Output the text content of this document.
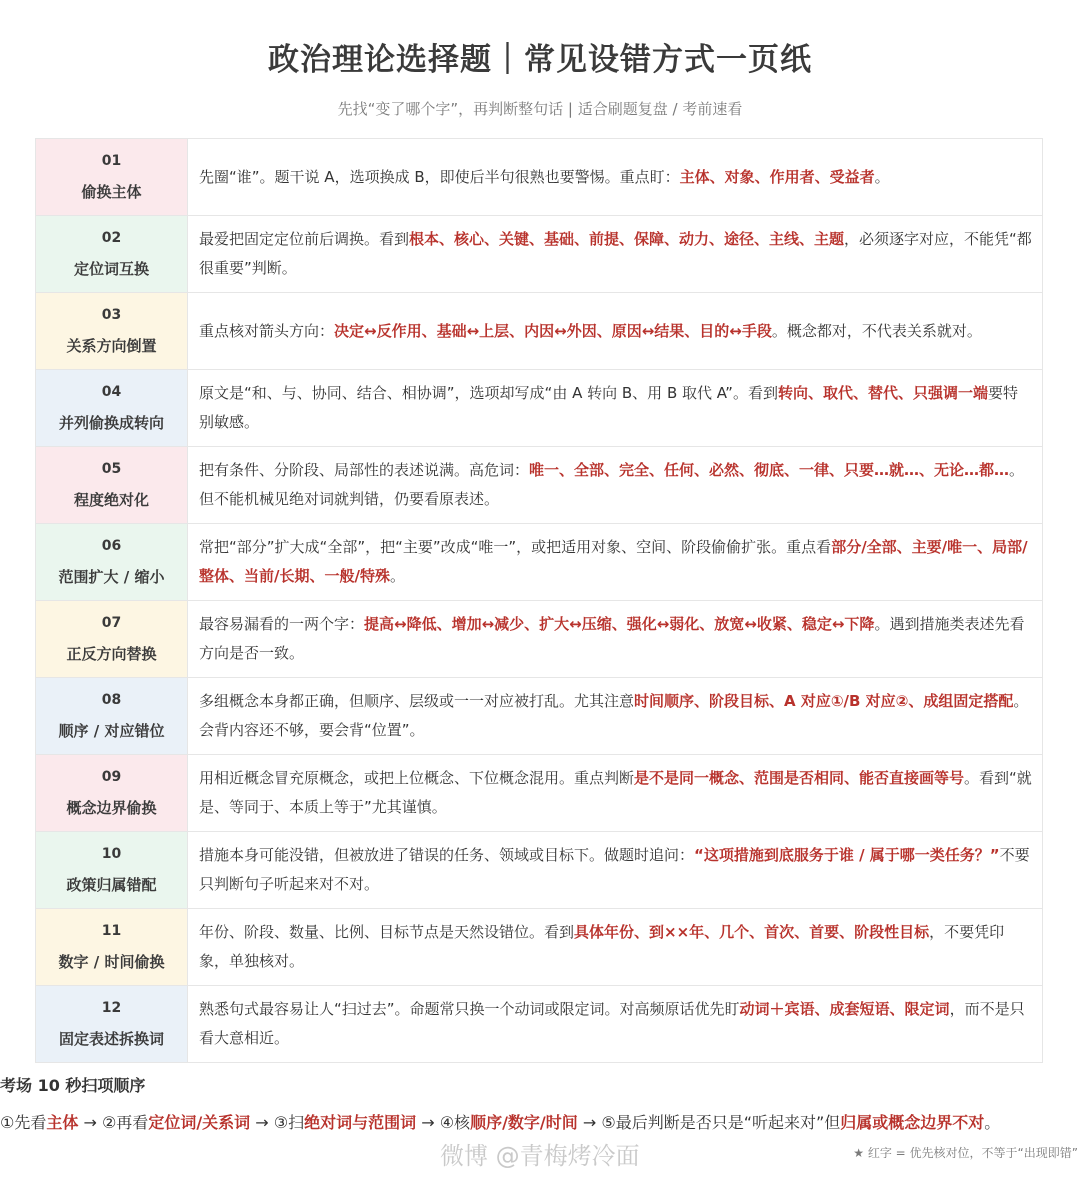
政治理论选择题｜常见设错方式一页纸
先找“变了哪个字”，再判断整句话 | 适合刷题复盘 / 考前速看
01
偷换主体
先圈“谁”。题干说 A，选项换成 B，即使后半句很熟也要警惕。重点盯：主体、对象、作用者、受益者。
02
定位词互换
最爱把固定定位前后调换。看到根本、核心、关键、基础、前提、保障、动力、途径、主线、主题，必须逐字对应，不能凭“都很重要”判断。
03
关系方向倒置
重点核对箭头方向：决定↔反作用、基础↔上层、内因↔外因、原因↔结果、目的↔手段。概念都对，不代表关系就对。
04
并列偷换成转向
原文是“和、与、协同、结合、相协调”，选项却写成“由 A 转向 B、用 B 取代 A”。看到转向、取代、替代、只强调一端要特别敏感。
05
程度绝对化
把有条件、分阶段、局部性的表述说满。高危词：唯一、全部、完全、任何、必然、彻底、一律、只要…就…、无论…都…。但不能机械见绝对词就判错，仍要看原表述。
06
范围扩大 / 缩小
常把“部分”扩大成“全部”，把“主要”改成“唯一”，或把适用对象、空间、阶段偷偷扩张。重点看部分/全部、主要/唯一、局部/整体、当前/长期、一般/特殊。
07
正反方向替换
最容易漏看的一两个字：提高↔降低、增加↔减少、扩大↔压缩、强化↔弱化、放宽↔收紧、稳定↔下降。遇到措施类表述先看方向是否一致。
08
顺序 / 对应错位
多组概念本身都正确，但顺序、层级或一一对应被打乱。尤其注意时间顺序、阶段目标、A 对应①/B 对应②、成组固定搭配。会背内容还不够，要会背“位置”。
09
概念边界偷换
用相近概念冒充原概念，或把上位概念、下位概念混用。重点判断是不是同一概念、范围是否相同、能否直接画等号。看到“就是、等同于、本质上等于”尤其谨慎。
10
政策归属错配
措施本身可能没错，但被放进了错误的任务、领域或目标下。做题时追问：“这项措施到底服务于谁 / 属于哪一类任务？”不要只判断句子听起来对不对。
11
数字 / 时间偷换
年份、阶段、数量、比例、目标节点是天然设错位。看到具体年份、到××年、几个、首次、首要、阶段性目标，不要凭印象，单独核对。
12
固定表述拆换词
熟悉句式最容易让人“扫过去”。命题常只换一个动词或限定词。对高频原话优先盯动词＋宾语、成套短语、限定词，而不是只看大意相近。
考场 10 秒扫项顺序
①先看主体 → ②再看定位词/关系词 → ③扫绝对词与范围词 → ④核顺序/数字/时间 → ⑤最后判断是否只是“听起来对”但归属或概念边界不对。
微博 @青梅烤冷面	★ 红字 = 优先核对位，不等于“出现即错”
